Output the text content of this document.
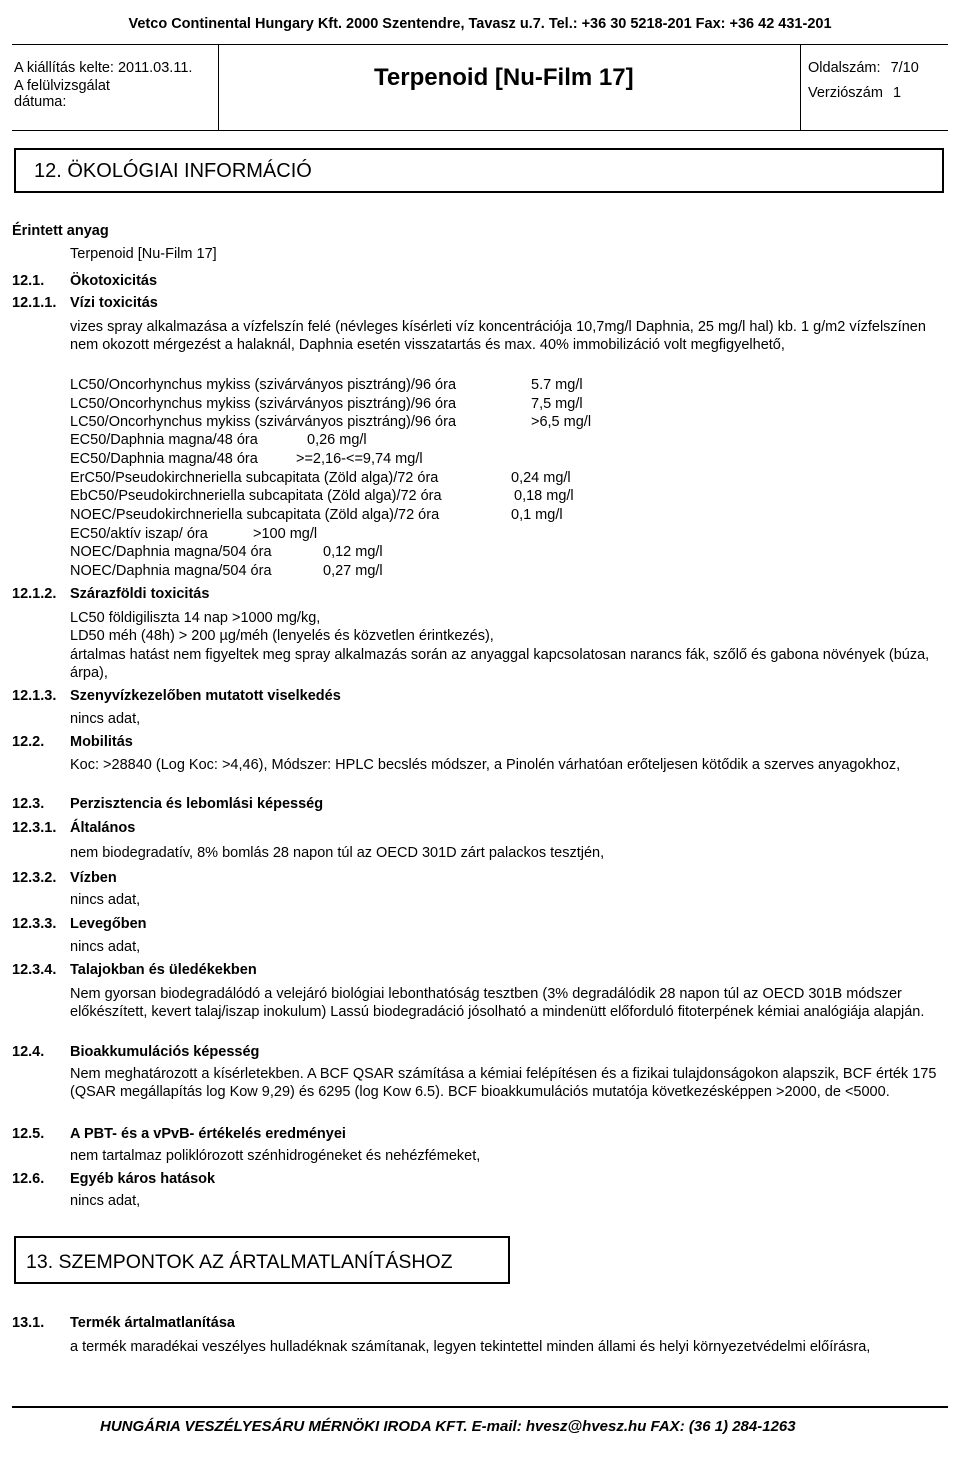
Vetco Continental Hungary Kft. 2000 Szentendre, Tavasz u.7. Tel.: +36 30 5218-201 Fax: +36 42 431-201
A kiállítás kelte: 2011.03.11.
A felülvizsgálat
dátuma:
Terpenoid [Nu-Film 17]	Oldalszám: 7/10
Verziószám 1
12. ÖKOLÓGIAI INFORMÁCIÓ
Érintett anyag
Terpenoid [Nu-Film 17]
12.1. Ökotoxicitás
12.1.1. Vízi toxicitás
vizes spray alkalmazása a vízfelszín felé (névleges kísérleti víz koncentrációja 10,7mg/l Daphnia, 25 mg/l hal) kb. 1 g/m2 vízfelszínen nem okozott mérgezést a halaknál, Daphnia esetén visszatartás és max. 40% immobilizáció volt megfigyelhető,
LC50/Oncorhynchus mykiss (szivárványos pisztráng)/96 óra	5.7 mg/l
LC50/Oncorhynchus mykiss (szivárványos pisztráng)/96 óra	7,5 mg/l
LC50/Oncorhynchus mykiss (szivárványos pisztráng)/96 óra	>6,5 mg/l
EC50/Daphnia magna/48 óra	0,26 mg/l
EC50/Daphnia magna/48 óra	>=2,16-<=9,74 mg/l
ErC50/Pseudokirchneriella subcapitata (Zöld alga)/72 óra	0,24 mg/l
EbC50/Pseudokirchneriella subcapitata (Zöld alga)/72 óra	0,18 mg/l
NOEC/Pseudokirchneriella subcapitata (Zöld alga)/72 óra	0,1 mg/l
EC50/aktív iszap/ óra	>100 mg/l
NOEC/Daphnia magna/504 óra	0,12 mg/l
NOEC/Daphnia magna/504 óra	0,27 mg/l
12.1.2. Szárazföldi toxicitás
LC50 földigiliszta 14 nap >1000 mg/kg,
LD50 méh (48h) > 200 µg/méh (lenyelés és közvetlen érintkezés),
ártalmas hatást nem figyeltek meg spray alkalmazás során az anyaggal kapcsolatosan narancs fák, szőlő és gabona növények (búza, árpa),
12.1.3. Szenyvízkezelőben mutatott viselkedés
nincs adat,
12.2. Mobilitás
Koc: >28840 (Log Koc: >4,46), Módszer: HPLC becslés módszer, a Pinolén várhatóan erőteljesen kötődik a szerves anyagokhoz,
12.3. Perzisztencia és lebomlási képesség
12.3.1. Általános
nem biodegradatív, 8% bomlás 28 napon túl az OECD 301D zárt palackos tesztjén,
12.3.2. Vízben
nincs adat,
12.3.3. Levegőben
nincs adat,
12.3.4. Talajokban és üledékekben
Nem gyorsan biodegradálódó a velejáró biológiai lebonthatóság tesztben (3% degradálódik 28 napon túl az OECD 301B módszer előkészített, kevert talaj/iszap inokulum) Lassú biodegradáció jósolható a mindenütt előforduló fitoterpének kémiai analógiája alapján.
12.4. Bioakkumulációs képesség
Nem meghatározott a kísérletekben. A BCF QSAR számítása a kémiai felépítésen és a fizikai tulajdonságokon alapszik, BCF érték 175 (QSAR megállapítás log Kow 9,29) és 6295 (log Kow 6.5). BCF bioakkumulációs mutatója következésképpen >2000, de <5000.
12.5. A PBT- és a vPvB- értékelés eredményei
nem tartalmaz poliklórozott szénhidrogéneket és nehézfémeket,
12.6. Egyéb káros hatások
nincs adat,
13. SZEMPONTOK AZ ÁRTALMATLANÍTÁSHOZ
13.1. Termék ártalmatlanítása
a termék maradékai veszélyes hulladéknak számítanak, legyen tekintettel minden állami és helyi környezetvédelmi előírásra,
HUNGÁRIA VESZÉLYESÁRU MÉRNÖKI IRODA KFT. E-mail: hvesz@hvesz.hu FAX: (36 1) 284-1263
